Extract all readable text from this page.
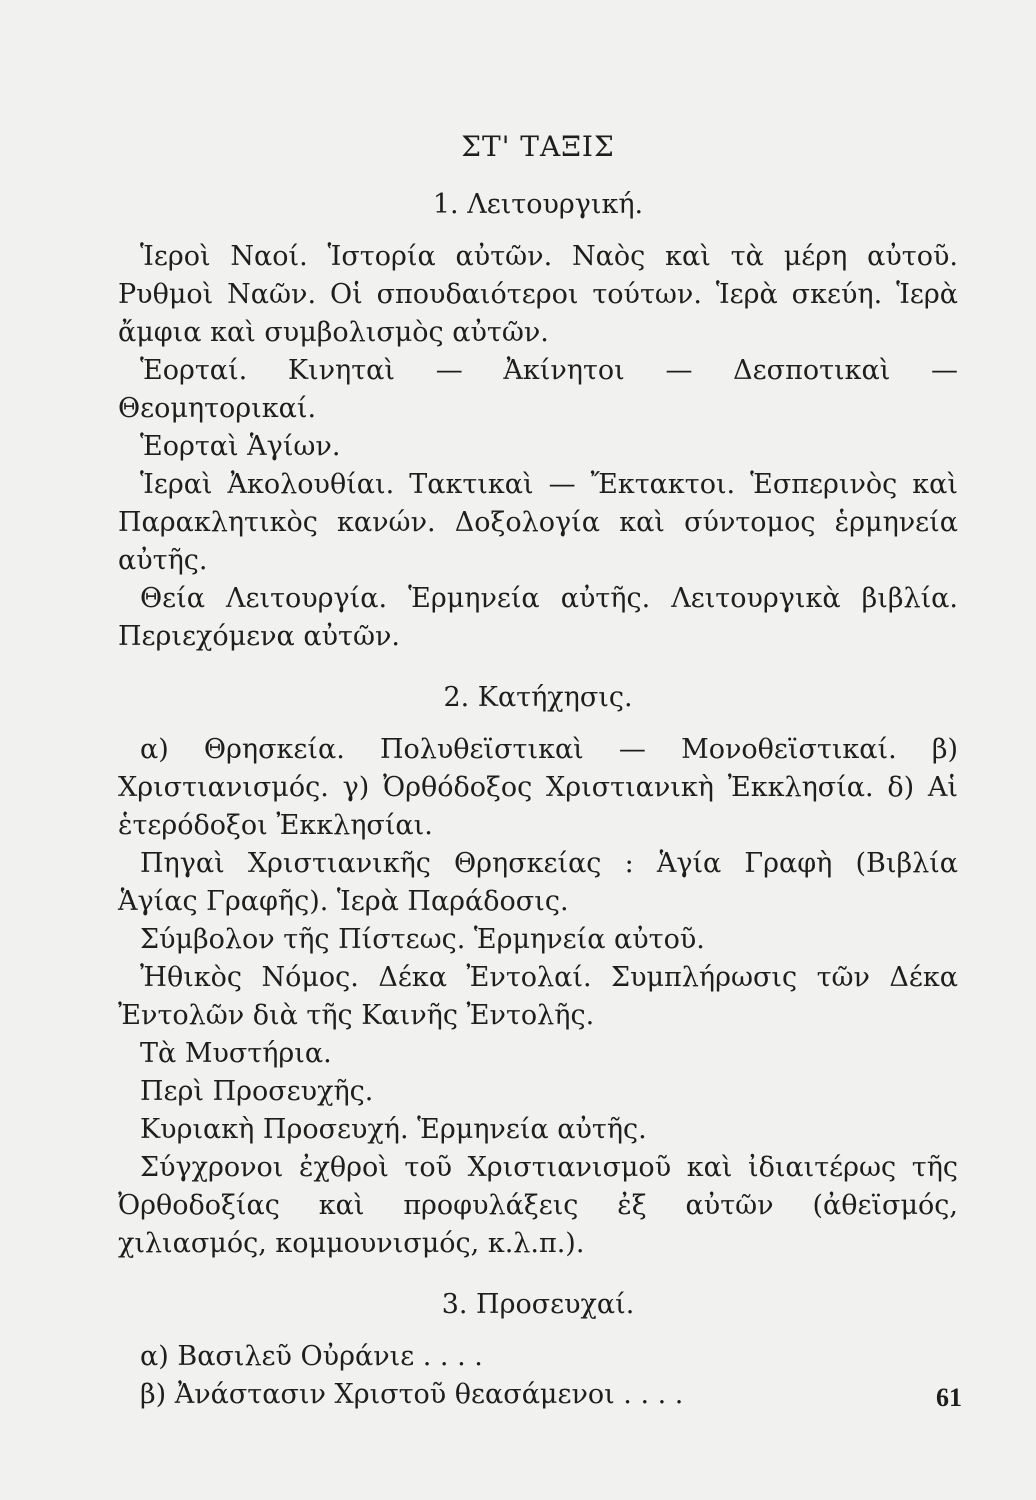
ΣΤ' ΤΑΞΙΣ
1. Λειτουργική.

Ἱεροὶ Ναοί. Ἱστορία αὐτῶν. Ναὸς καὶ τὰ μέρη αὐτοῦ. Ρυθμοὶ Ναῶν. Οἱ σπουδαιότεροι τούτων. Ἱερὰ σκεύη. Ἱερὰ ἄμφια καὶ συμβολισμὸς αὐτῶν.

Ἑορταί. Κινηταὶ — Ἀκίνητοι — Δεσποτικαὶ — Θεομητορικαί.

Ἑορταὶ Ἁγίων.

Ἱεραὶ Ἀκολουθίαι. Τακτικαὶ — Ἔκτακτοι. Ἑσπερινὸς καὶ Παρακλητικὸς κανών. Δοξολογία καὶ σύντομος ἑρμηνεία αὐτῆς.

Θεία Λειτουργία. Ἑρμηνεία αὐτῆς. Λειτουργικὰ βιβλία. Περιεχόμενα αὐτῶν.

2. Κατήχησις.

α) Θρησκεία. Πολυθεϊστικαὶ — Μονοθεϊστικαί. β) Χριστιανισμός. γ) Ὀρθόδοξος Χριστιανικὴ Ἐκκλησία. δ) Αἱ ἑτερόδοξοι Ἐκκλησίαι.

Πηγαὶ Χριστιανικῆς Θρησκείας : Ἁγία Γραφὴ (Βιβλία Ἁγίας Γραφῆς). Ἱερὰ Παράδοσις.

Σύμβολον τῆς Πίστεως. Ἑρμηνεία αὐτοῦ.

Ἠθικὸς Νόμος. Δέκα Ἐντολαί. Συμπλήρωσις τῶν Δέκα Ἐντολῶν διὰ τῆς Καινῆς Ἐντολῆς.

Τὰ Μυστήρια.

Περὶ Προσευχῆς.

Κυριακὴ Προσευχή. Ἑρμηνεία αὐτῆς.

Σύγχρονοι ἐχθροὶ τοῦ Χριστιανισμοῦ καὶ ἰδιαιτέρως τῆς Ὀρθοδοξίας καὶ προφυλάξεις ἐξ αὐτῶν (ἀθεϊσμός, χιλιασμός, κομμουνισμός, κ.λ.π.).

3. Προσευχαί.

α) Βασιλεῦ Οὐράνιε . . . .

β) Ἀνάστασιν Χριστοῦ θεασάμενοι . . . .	61
